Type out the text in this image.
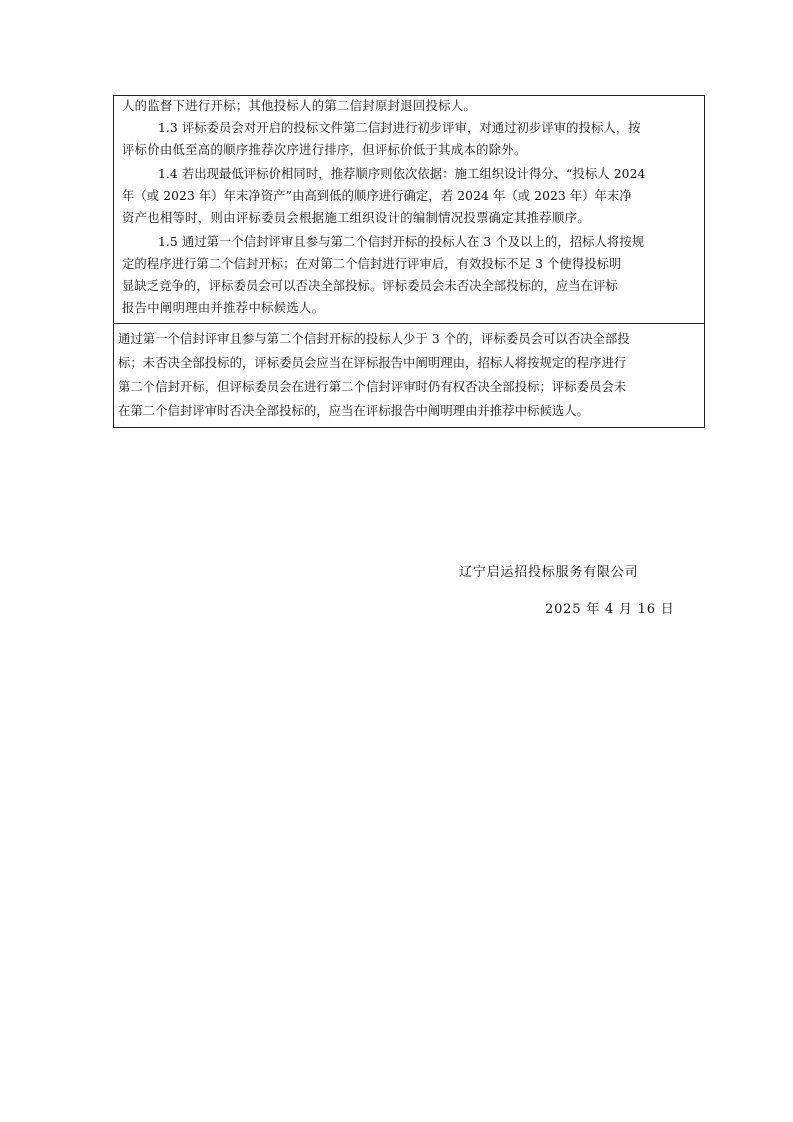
人的监督下进行开标；其他投标人的第二信封原封退回投标人。
1.3 评标委员会对开启的投标文件第二信封进行初步评审，对通过初步评审的投标人，按
评标价由低至高的顺序推荐次序进行排序，但评标价低于其成本的除外。
1.4 若出现最低评标价相同时，推荐顺序则依次依据：施工组织设计得分、“投标人 2024
年（或 2023 年）年末净资产”由高到低的顺序进行确定，若 2024 年（或 2023 年）年末净
资产也相等时，则由评标委员会根据施工组织设计的编制情况投票确定其推荐顺序。
1.5 通过第一个信封评审且参与第二个信封开标的投标人在 3 个及以上的，招标人将按规
定的程序进行第二个信封开标；在对第二个信封进行评审后，有效投标不足 3 个使得投标明
显缺乏竞争的，评标委员会可以否决全部投标。评标委员会未否决全部投标的，应当在评标
报告中阐明理由并推荐中标候选人。
通过第一个信封评审且参与第二个信封开标的投标人少于 3 个的，评标委员会可以否决全部投
标；未否决全部投标的，评标委员会应当在评标报告中阐明理由，招标人将按规定的程序进行
第二个信封开标，但评标委员会在进行第二个信封评审时仍有权否决全部投标；评标委员会未
在第二个信封评审时否决全部投标的，应当在评标报告中阐明理由并推荐中标候选人。
辽宁启运招投标服务有限公司
2025 年 4 月 16 日
